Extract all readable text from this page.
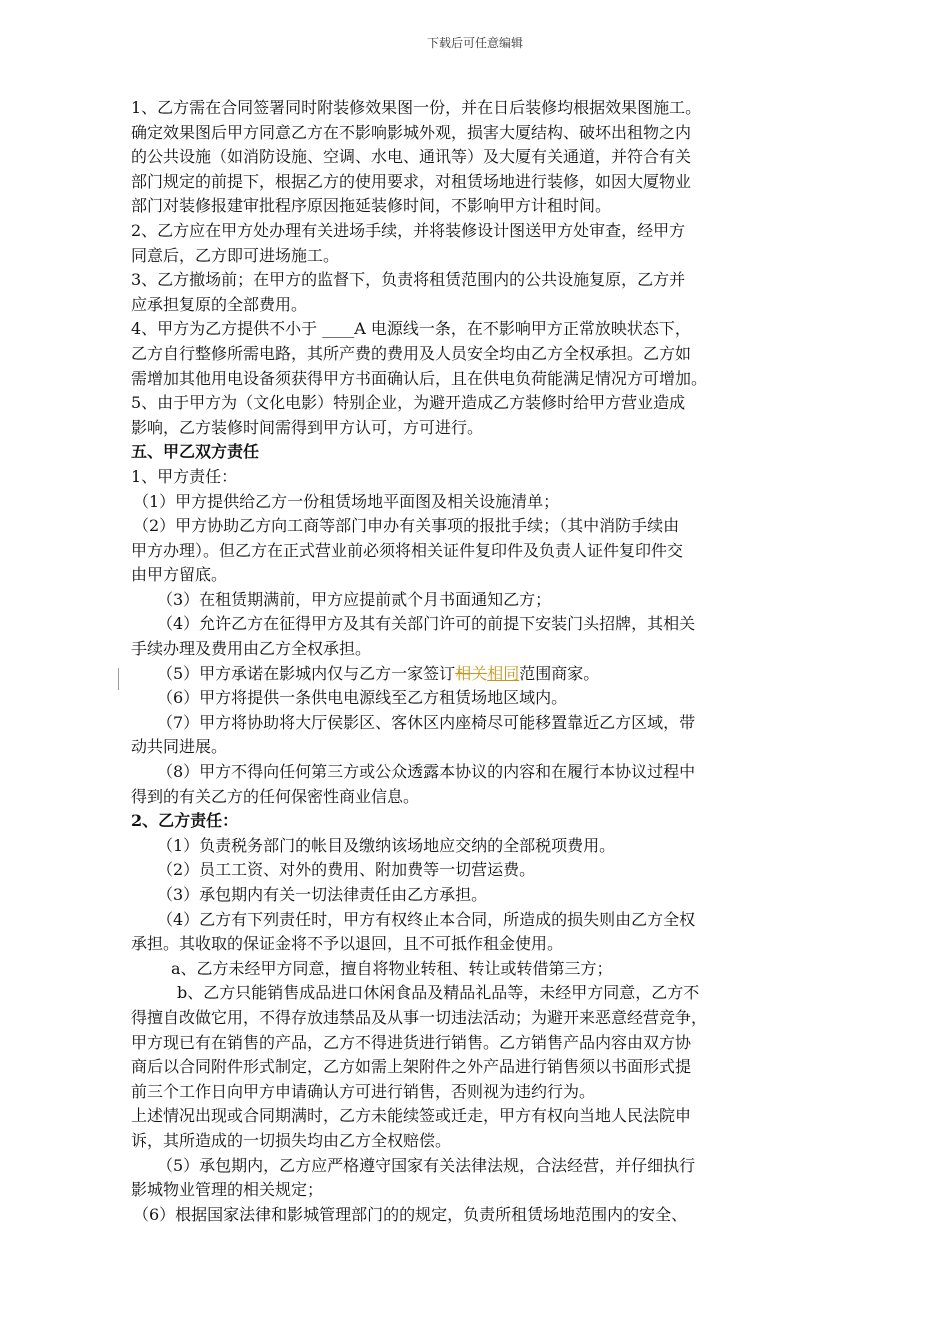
下载后可任意编辑
1、乙方需在合同签署同时附装修效果图一份，并在日后装修均根据效果图施工。
确定效果图后甲方同意乙方在不影响影城外观，损害大厦结构、破坏出租物之内
的公共设施（如消防设施、空调、水电、通讯等）及大厦有关通道，并符合有关
部门规定的前提下，根据乙方的使用要求，对租赁场地进行装修，如因大厦物业
部门对装修报建审批程序原因拖延装修时间，不影响甲方计租时间。
2、乙方应在甲方处办理有关进场手续，并将装修设计图送甲方处审查，经甲方
同意后，乙方即可进场施工。
3、乙方撤场前；在甲方的监督下，负责将租赁范围内的公共设施复原，乙方并
应承担复原的全部费用。
4、甲方为乙方提供不小于 ____A 电源线一条，在不影响甲方正常放映状态下，
乙方自行整修所需电路，其所产费的费用及人员安全均由乙方全权承担。乙方如
需增加其他用电设备须获得甲方书面确认后，且在供电负荷能满足情况方可增加。
5、由于甲方为（文化电影）特别企业，为避开造成乙方装修时给甲方营业造成
影响，乙方装修时间需得到甲方认可，方可进行。
五、甲乙双方责任
1、甲方责任：
（1）甲方提供给乙方一份租赁场地平面图及相关设施清单；
（2）甲方协助乙方向工商等部门申办有关事项的报批手续；（其中消防手续由
甲方办理）。但乙方在正式营业前必须将相关证件复印件及负责人证件复印件交
由甲方留底。
（3）在租赁期满前，甲方应提前贰个月书面通知乙方；
（4）允许乙方在征得甲方及其有关部门许可的前提下安装门头招牌，其相关
手续办理及费用由乙方全权承担。
（5）甲方承诺在影城内仅与乙方一家签订相关相同范围商家。
（6）甲方将提供一条供电电源线至乙方租赁场地区域内。
（7）甲方将协助将大厅侯影区、客休区内座椅尽可能移置靠近乙方区域，带
动共同进展。
（8）甲方不得向任何第三方或公众透露本协议的内容和在履行本协议过程中
得到的有关乙方的任何保密性商业信息。
2、乙方责任：
（1）负责税务部门的帐目及缴纳该场地应交纳的全部税项费用。
（2）员工工资、对外的费用、附加费等一切营运费。
（3）承包期内有关一切法律责任由乙方承担。
（4）乙方有下列责任时，甲方有权终止本合同，所造成的损失则由乙方全权
承担。其收取的保证金将不予以退回，且不可抵作租金使用。
a、乙方未经甲方同意，擅自将物业转租、转让或转借第三方；
b、乙方只能销售成品进口休闲食品及精品礼品等，未经甲方同意，乙方不
得擅自改做它用，不得存放违禁品及从事一切违法活动；为避开来恶意经营竞争，
甲方现已有在销售的产品，乙方不得进货进行销售。乙方销售产品内容由双方协
商后以合同附件形式制定，乙方如需上架附件之外产品进行销售须以书面形式提
前三个工作日向甲方申请确认方可进行销售，否则视为违约行为。
上述情况出现或合同期满时，乙方未能续签或迁走，甲方有权向当地人民法院申
诉，其所造成的一切损失均由乙方全权赔偿。
（5）承包期内，乙方应严格遵守国家有关法律法规，合法经营，并仔细执行
影城物业管理的相关规定；
（6）根据国家法律和影城管理部门的的规定，负责所租赁场地范围内的安全、
